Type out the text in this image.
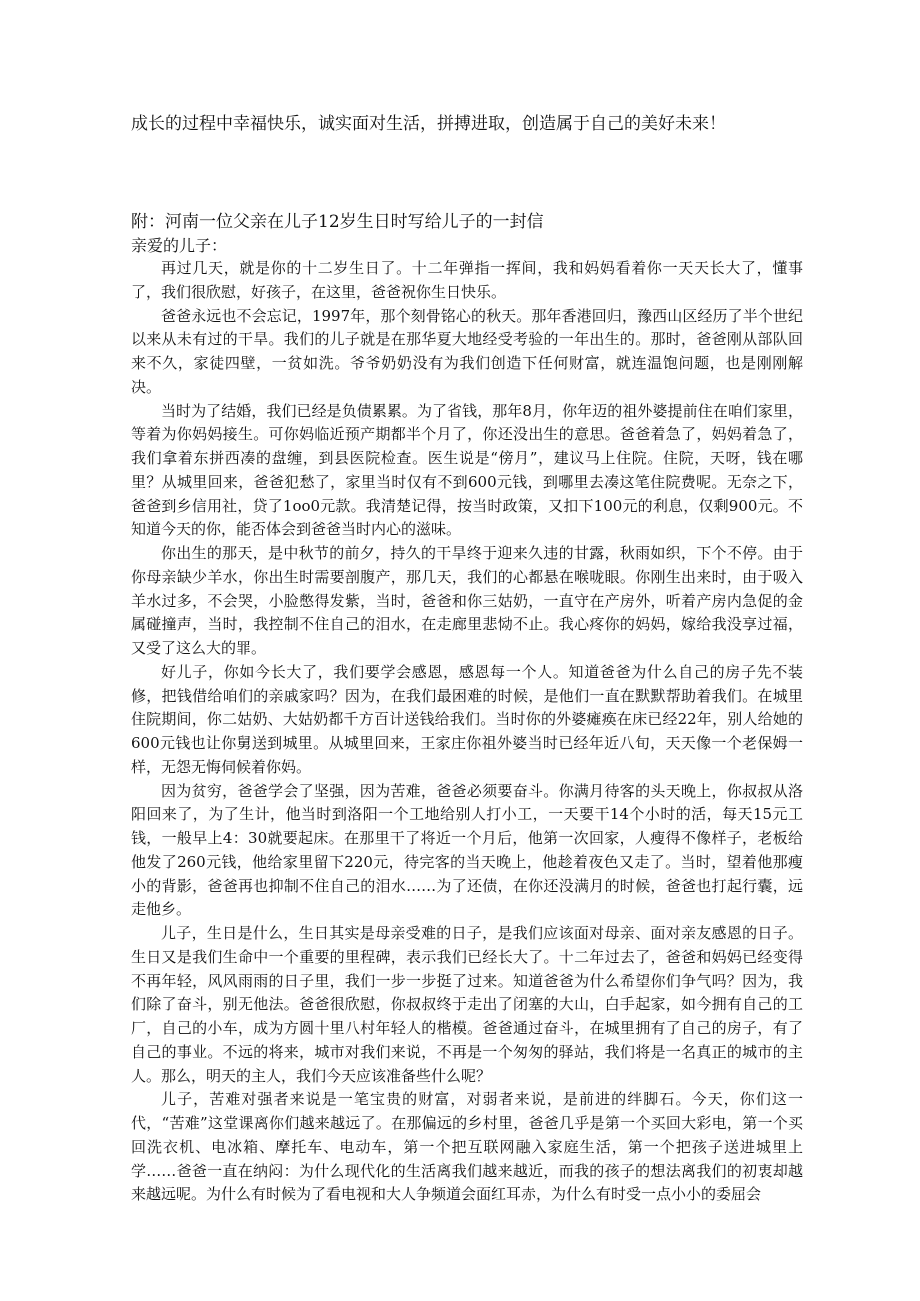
成长的过程中幸福快乐，诚实面对生活，拼搏进取，创造属于自己的美好未来！

附：河南一位父亲在儿子12岁生日时写给儿子的一封信

亲爱的儿子：

再过几天，就是你的十二岁生日了。十二年弹指一挥间，我和妈妈看着你一天天长大了，懂事了，我们很欣慰，好孩子，在这里，爸爸祝你生日快乐。

爸爸永远也不会忘记，1997年，那个刻骨铭心的秋天。那年香港回归，豫西山区经历了半个世纪以来从未有过的干旱。我们的儿子就是在那华夏大地经受考验的一年出生的。那时，爸爸刚从部队回来不久，家徒四壁，一贫如洗。爷爷奶奶没有为我们创造下任何财富，就连温饱问题，也是刚刚解决。

当时为了结婚，我们已经是负债累累。为了省钱，那年8月，你年迈的祖外婆提前住在咱们家里，等着为你妈妈接生。可你妈临近预产期都半个月了，你还没出生的意思。爸爸着急了，妈妈着急了，我们拿着东拼西凑的盘缠，到县医院检查。医生说是“傍月”，建议马上住院。住院，天呀，钱在哪里？从城里回来，爸爸犯愁了，家里当时仅有不到600元钱，到哪里去凑这笔住院费呢。无奈之下，爸爸到乡信用社，贷了1oo0元款。我清楚记得，按当时政策，又扣下100元的利息，仅剩900元。不知道今天的你，能否体会到爸爸当时内心的滋味。

你出生的那天，是中秋节的前夕，持久的干旱终于迎来久违的甘露，秋雨如织，下个不停。由于你母亲缺少羊水，你出生时需要剖腹产，那几天，我们的心都悬在喉咙眼。你刚生出来时，由于吸入羊水过多，不会哭，小脸憋得发紫，当时，爸爸和你三姑奶，一直守在产房外，听着产房内急促的金属碰撞声，当时，我控制不住自己的泪水，在走廊里悲恸不止。我心疼你的妈妈，嫁给我没享过福，又受了这么大的罪。

好儿子，你如今长大了，我们要学会感恩，感恩每一个人。知道爸爸为什么自己的房子先不装修，把钱借给咱们的亲戚家吗？因为，在我们最困难的时候，是他们一直在默默帮助着我们。在城里住院期间，你二姑奶、大姑奶都千方百计送钱给我们。当时你的外婆瘫痪在床已经22年，别人给她的600元钱也让你舅送到城里。从城里回来，王家庄你祖外婆当时已经年近八旬，天天像一个老保姆一样，无怨无悔伺候着你妈。

因为贫穷，爸爸学会了坚强，因为苦难，爸爸必须要奋斗。你满月待客的头天晚上，你叔叔从洛阳回来了，为了生计，他当时到洛阳一个工地给别人打小工，一天要干14个小时的活，每天15元工钱，一般早上4：30就要起床。在那里干了将近一个月后，他第一次回家，人瘦得不像样子，老板给他发了260元钱，他给家里留下220元，待完客的当天晚上，他趁着夜色又走了。当时，望着他那瘦小的背影，爸爸再也抑制不住自己的泪水……为了还债，在你还没满月的时候，爸爸也打起行囊，远走他乡。

儿子，生日是什么，生日其实是母亲受难的日子，是我们应该面对母亲、面对亲友感恩的日子。生日又是我们生命中一个重要的里程碑，表示我们已经长大了。十二年过去了，爸爸和妈妈已经变得不再年轻，风风雨雨的日子里，我们一步一步挺了过来。知道爸爸为什么希望你们争气吗？因为，我们除了奋斗，别无他法。爸爸很欣慰，你叔叔终于走出了闭塞的大山，白手起家，如今拥有自己的工厂，自己的小车，成为方圆十里八村年轻人的楷模。爸爸通过奋斗，在城里拥有了自己的房子，有了自己的事业。不远的将来，城市对我们来说，不再是一个匆匆的驿站，我们将是一名真正的城市的主人。那么，明天的主人，我们今天应该准备些什么呢？

儿子，苦难对强者来说是一笔宝贵的财富，对弱者来说，是前进的绊脚石。今天，你们这一代，“苦难”这堂课离你们越来越远了。在那偏远的乡村里，爸爸几乎是第一个买回大彩电，第一个买回洗衣机、电冰箱、摩托车、电动车，第一个把互联网融入家庭生活，第一个把孩子送进城里上学……爸爸一直在纳闷：为什么现代化的生活离我们越来越近，而我的孩子的想法离我们的初衷却越来越远呢。为什么有时候为了看电视和大人争频道会面红耳赤，为什么有时受一点小小的委屈会
